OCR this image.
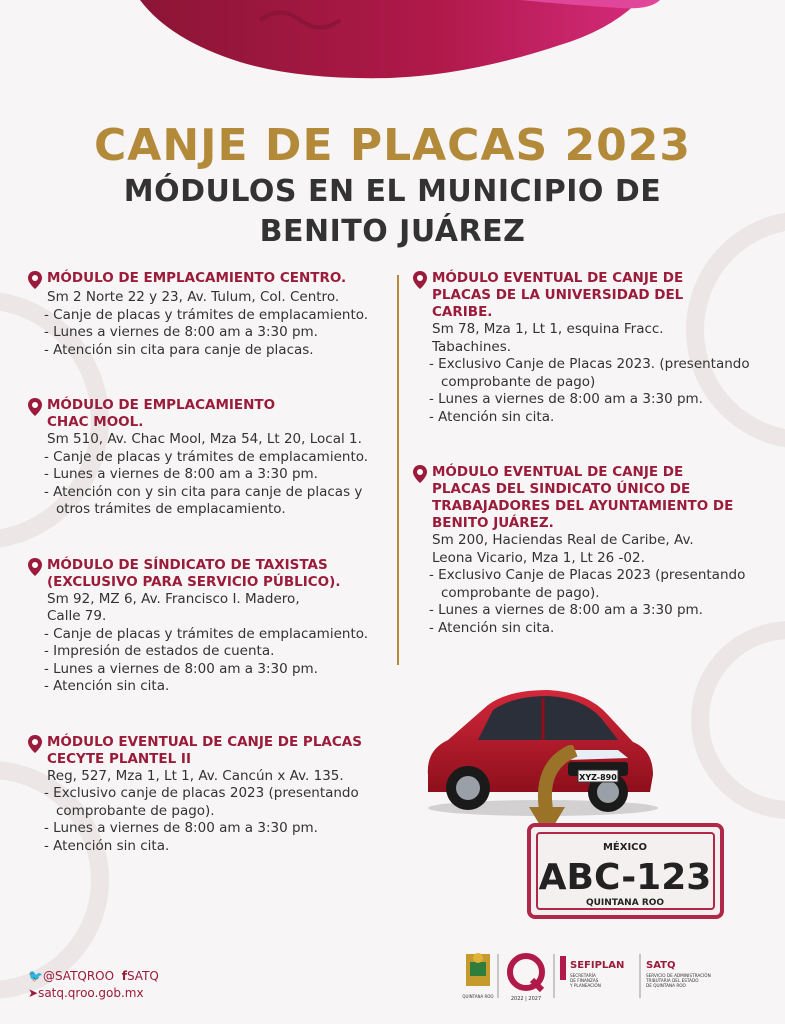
CANJE DE PLACAS 2023
MÓDULOS EN EL MUNICIPIO DE
BENITO JUÁREZ
MÓDULO DE EMPLACAMIENTO CENTRO.
Sm 2 Norte 22 y 23, Av. Tulum, Col. Centro.
- Canje de placas y trámites de emplacamiento.
- Lunes a viernes de 8:00 am a 3:30 pm.
- Atención sin cita para canje de placas.
MÓDULO DE EMPLACAMIENTO CHAC MOOL.
Sm 510, Av. Chac Mool, Mza 54, Lt 20, Local 1.
- Canje de placas y trámites de emplacamiento.
- Lunes a viernes de 8:00 am a 3:30 pm.
- Atención con y sin cita para canje de placas y otros trámites de emplacamiento.
MÓDULO DE SÍNDICATO DE TAXISTAS (EXCLUSIVO PARA SERVICIO PÚBLICO).
Sm 92, MZ 6, Av. Francisco I. Madero, Calle 79.
- Canje de placas y trámites de emplacamiento.
- Impresión de estados de cuenta.
- Lunes a viernes de 8:00 am a 3:30 pm.
- Atención sin cita.
MÓDULO EVENTUAL DE CANJE DE PLACAS CECYTE PLANTEL II
Reg, 527, Mza 1, Lt 1, Av. Cancún x Av. 135.
- Exclusivo canje de placas 2023 (presentando comprobante de pago).
- Lunes a viernes de 8:00 am a 3:30 pm.
- Atención sin cita.
MÓDULO EVENTUAL DE CANJE DE PLACAS DE LA UNIVERSIDAD DEL CARIBE.
Sm 78, Mza 1, Lt 1, esquina Fracc. Tabachines.
- Exclusivo Canje de Placas 2023. (presentando comprobante de pago)
- Lunes a viernes de 8:00 am a 3:30 pm.
- Atención sin cita.
MÓDULO EVENTUAL DE CANJE DE PLACAS DEL SINDICATO ÚNICO DE TRABAJADORES DEL AYUNTAMIENTO DE BENITO JUÁREZ.
Sm 200, Haciendas Real de Caribe, Av. Leona Vicario, Mza 1, Lt 26 -02.
- Exclusivo Canje de Placas 2023 (presentando comprobante de pago).
- Lunes a viernes de 8:00 am a 3:30 pm.
- Atención sin cita.
XYZ-890
MÉXICO
ABC-123
QUINTANA ROO
🐦@SATQROO fSATQ
➤satq.qroo.gob.mx	QUINTANA ROO	2022 | 2027
SEFIPLAN
SECRETARÍA DE FINANZAS Y PLANEACIÓN
SATQ
SERVICIO DE ADMINISTRACIÓN TRIBUTARIA DEL ESTADO DE QUINTANA ROO
